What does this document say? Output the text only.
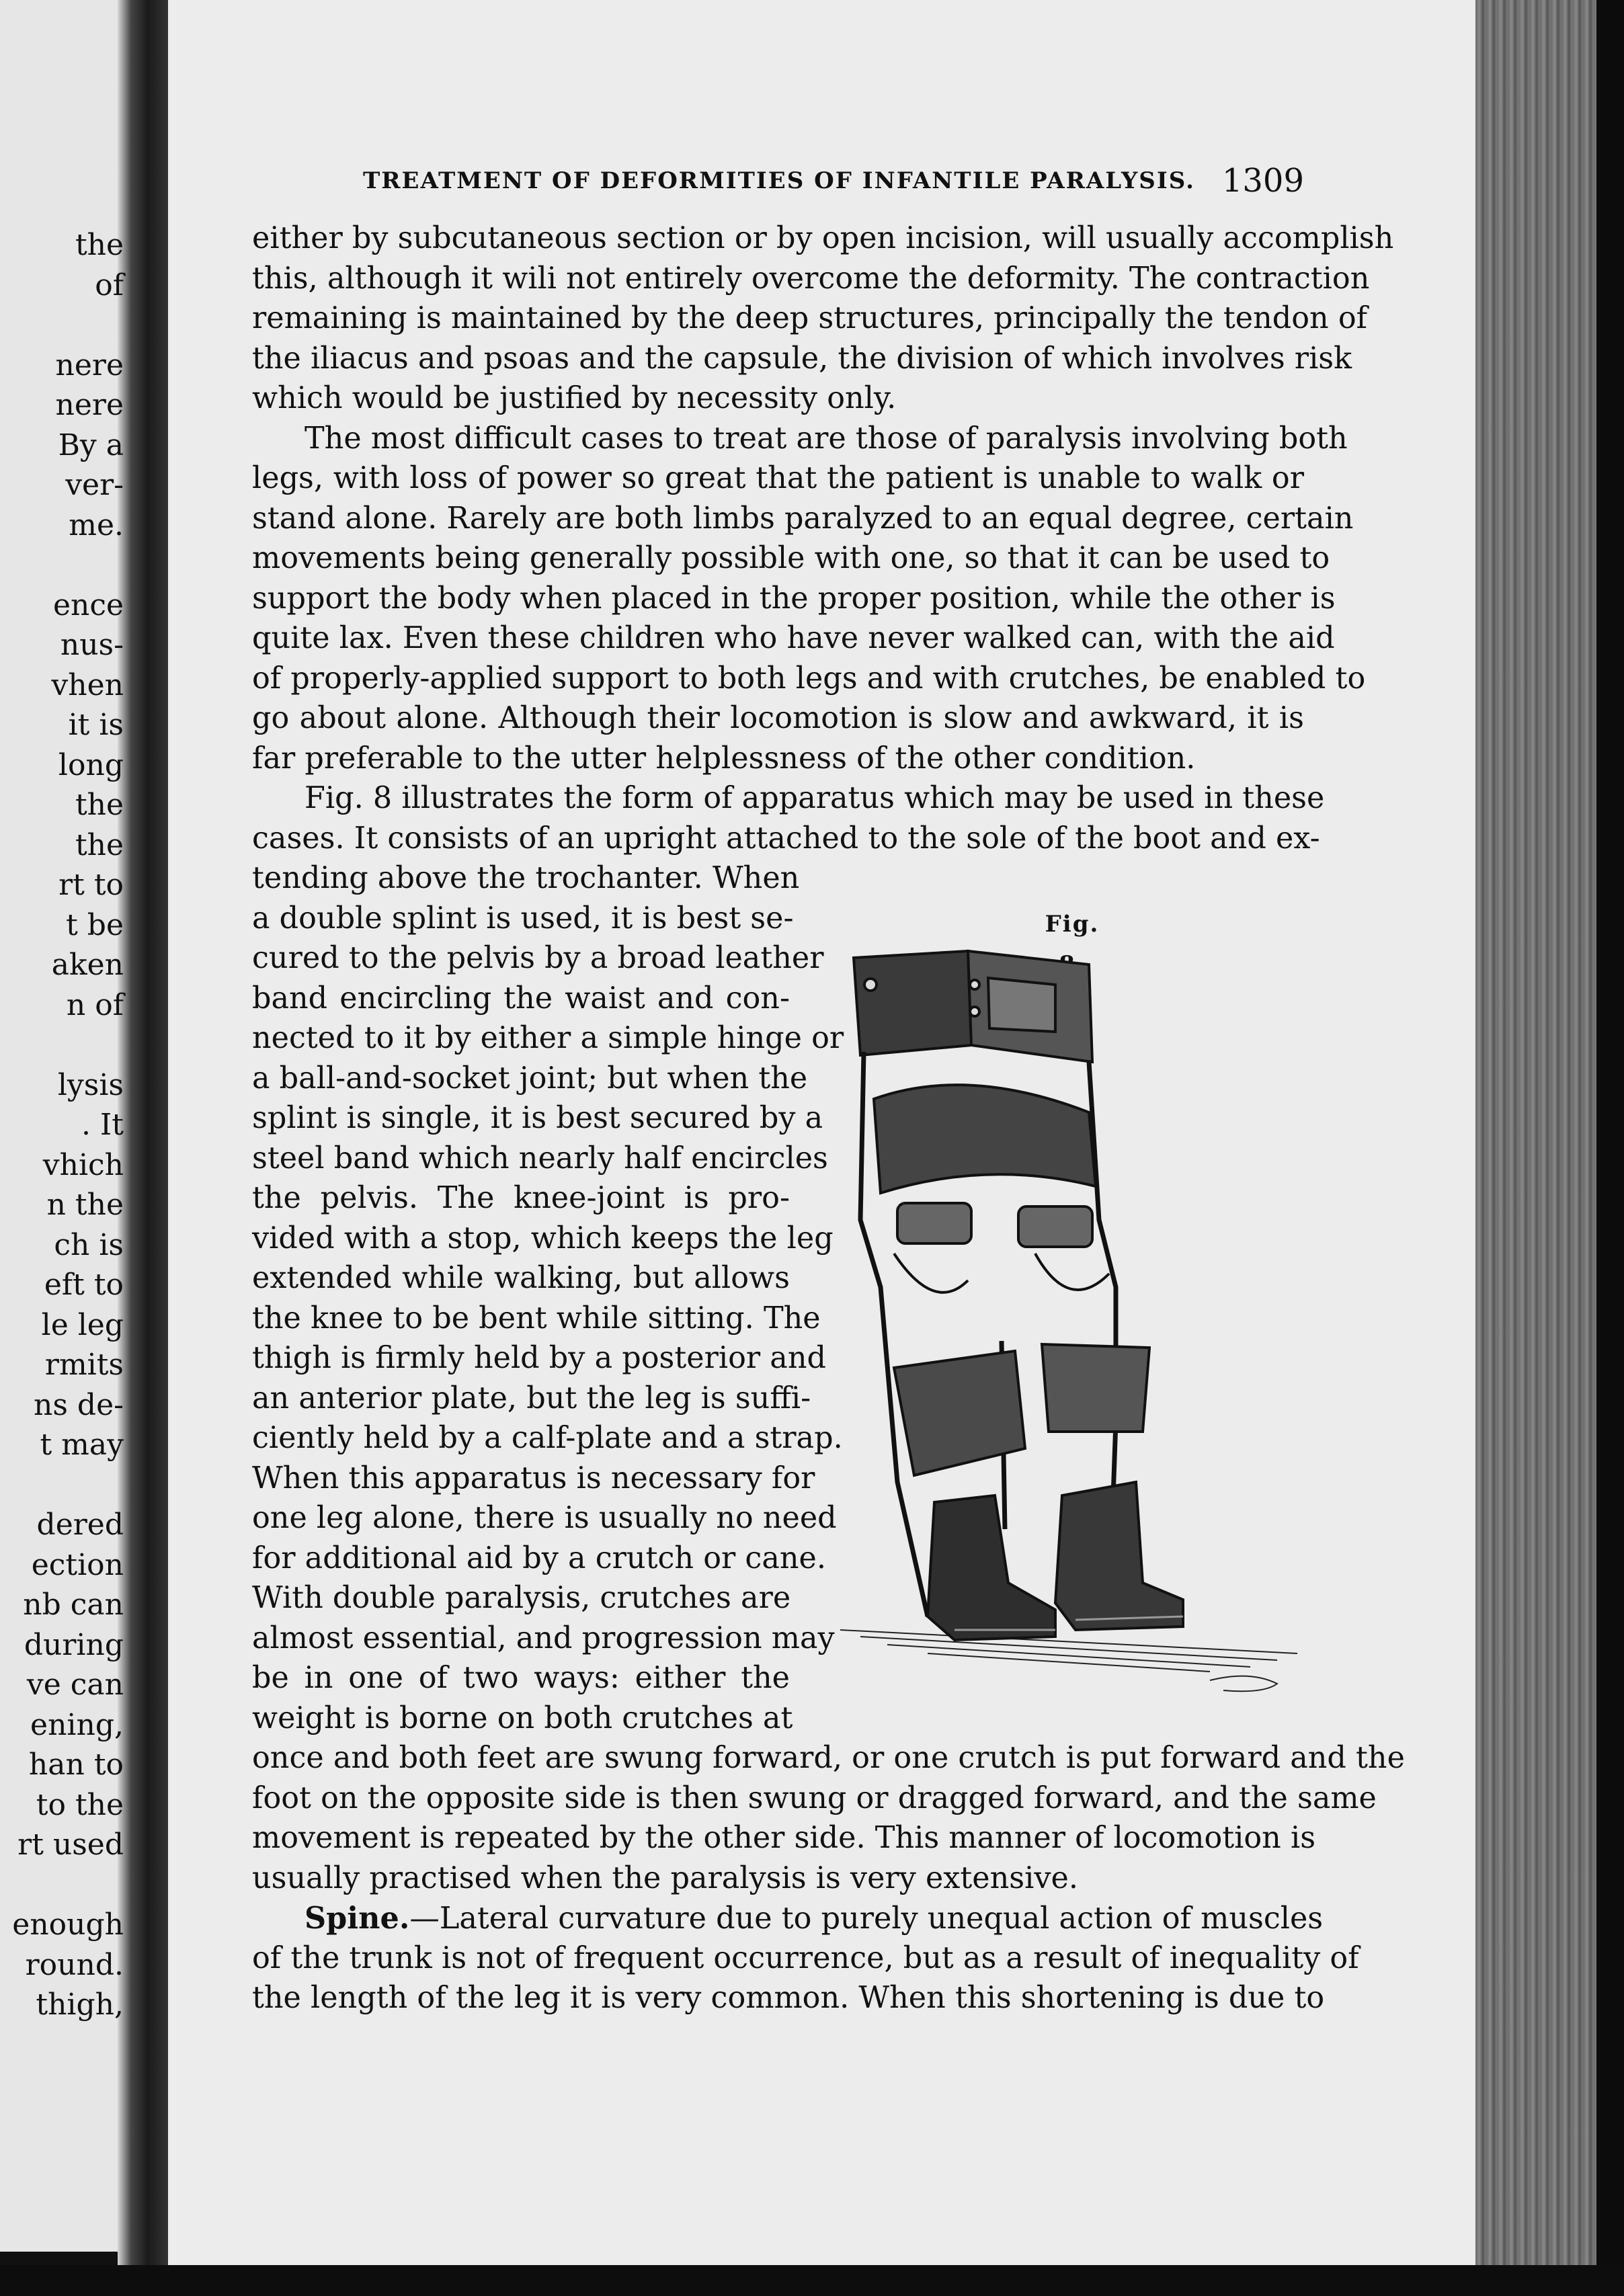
the
of
nere
nere
By a
ver-
me.
ence
nus-
vhen
it is
long
the
the
rt to
t be
aken
n of
lysis
. It
vhich
n the
ch is
eft to
le leg
rmits
ns de-
t may
dered
ection
nb can
during
ve can
ening,
han to
to the
rt used
enough
round.
thigh,
TREATMENT OF DEFORMITIES OF INFANTILE PARALYSIS. 1309
either by subcutaneous section or by open incision, will usually accomplish
this, although it wili not entirely overcome the deformity. The contraction
remaining is maintained by the deep structures, principally the tendon of
the iliacus and psoas and the capsule, the division of which involves risk
which would be justified by necessity only.
The most difficult cases to treat are those of paralysis involving both
legs, with loss of power so great that the patient is unable to walk or
stand alone. Rarely are both limbs paralyzed to an equal degree, certain
movements being generally possible with one, so that it can be used to
support the body when placed in the proper position, while the other is
quite lax. Even these children who have never walked can, with the aid
of properly-applied support to both legs and with crutches, be enabled to
go about alone. Although their locomotion is slow and awkward, it is
far preferable to the utter helplessness of the other condition.
Fig. 8 illustrates the form of apparatus which may be used in these
cases. It consists of an upright attached to the sole of the boot and ex-
tending above the trochanter. When
a double splint is used, it is best se-
cured to the pelvis by a broad leather
band encircling the waist and con-
nected to it by either a simple hinge or
a ball-and-socket joint; but when the
splint is single, it is best secured by a
steel band which nearly half encircles
the pelvis. The knee-joint is pro-
vided with a stop, which keeps the leg
extended while walking, but allows
the knee to be bent while sitting. The
thigh is firmly held by a posterior and
an anterior plate, but the leg is suffi-
ciently held by a calf-plate and a strap.
When this apparatus is necessary for
one leg alone, there is usually no need
for additional aid by a crutch or cane.
With double paralysis, crutches are
almost essential, and progression may
be in one of two ways: either the
weight is borne on both crutches at
once and both feet are swung forward, or one crutch is put forward and the
foot on the opposite side is then swung or dragged forward, and the same
movement is repeated by the other side. This manner of locomotion is
usually practised when the paralysis is very extensive.
Spine.—Lateral curvature due to purely unequal action of muscles
of the trunk is not of frequent occurrence, but as a result of inequality of
the length of the leg it is very common. When this shortening is due to
Fig.
